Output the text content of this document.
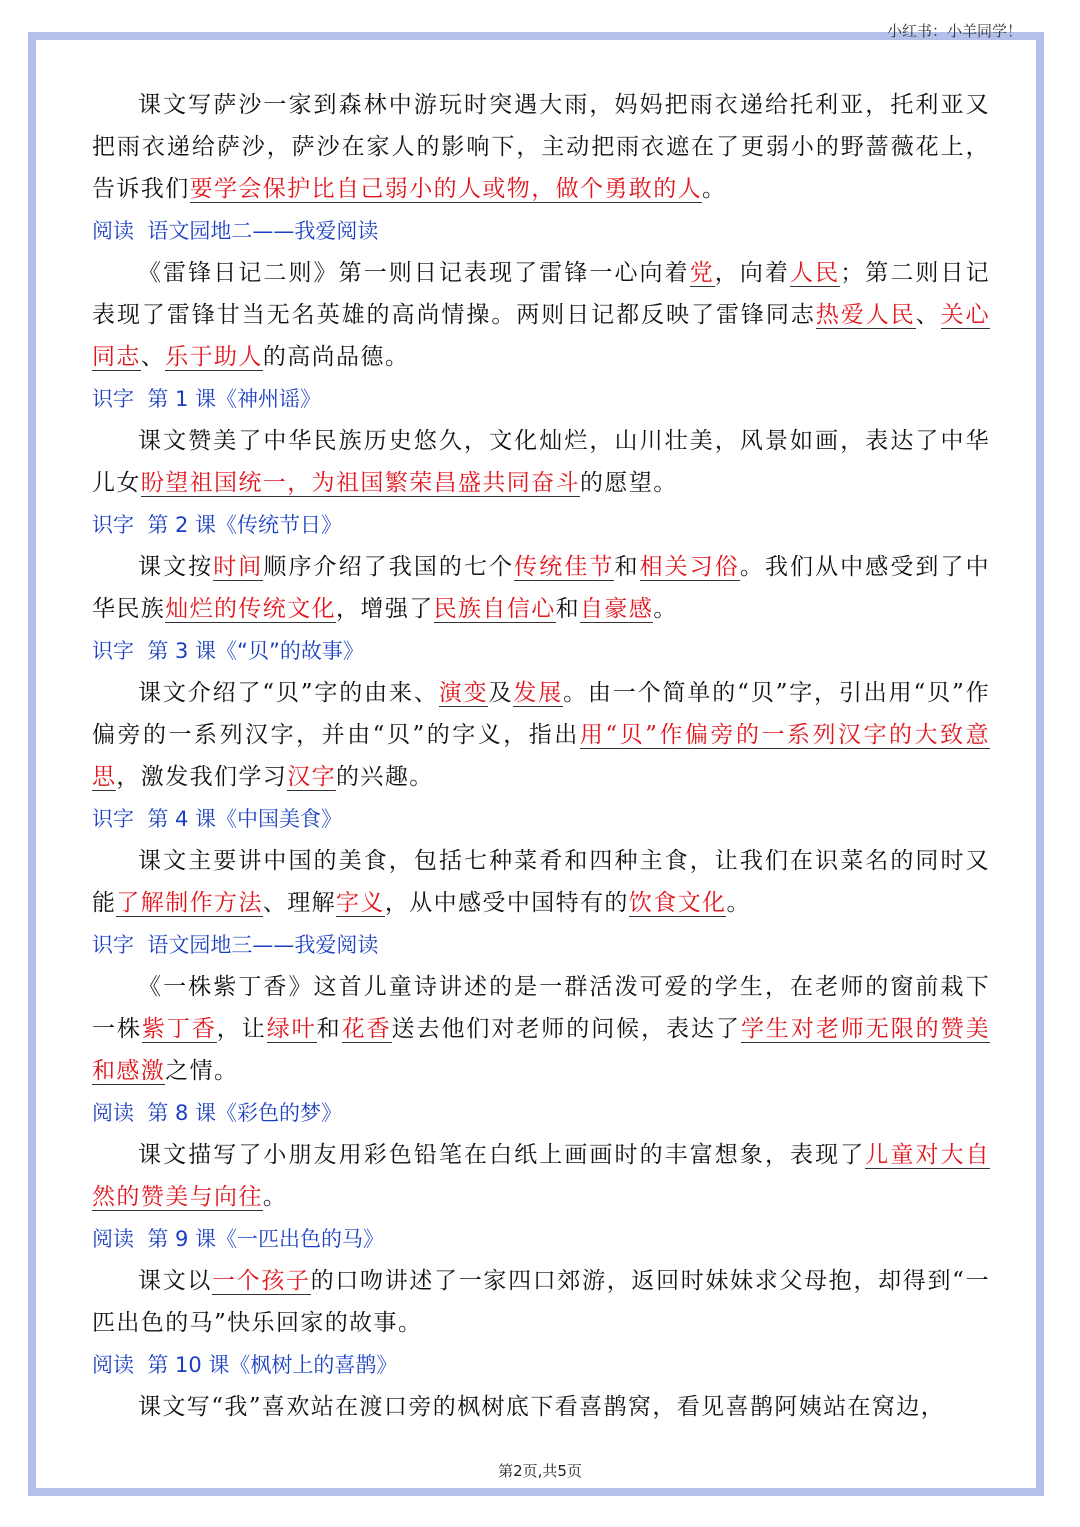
小红书：小羊同学！

课文写萨沙一家到森林中游玩时突遇大雨，妈妈把雨衣递给托利亚，托利亚又把雨衣递给萨沙，萨沙在家人的影响下，主动把雨衣遮在了更弱小的野蔷薇花上，告诉我们要学会保护比自己弱小的人或物，做个勇敢的人。

阅读  语文园地二——我爱阅读

《雷锋日记二则》第一则日记表现了雷锋一心向着党，向着人民；第二则日记表现了雷锋甘当无名英雄的高尚情操。两则日记都反映了雷锋同志热爱人民、关心同志、乐于助人的高尚品德。

识字  第 1 课《神州谣》

课文赞美了中华民族历史悠久，文化灿烂，山川壮美，风景如画，表达了中华儿女盼望祖国统一，为祖国繁荣昌盛共同奋斗的愿望。

识字  第 2 课《传统节日》

课文按时间顺序介绍了我国的七个传统佳节和相关习俗。我们从中感受到了中华民族灿烂的传统文化，增强了民族自信心和自豪感。

识字  第 3 课《“贝”的故事》

课文介绍了“贝”字的由来、演变及发展。由一个简单的“贝”字，引出用“贝”作偏旁的一系列汉字，并由“贝”的字义，指出用“贝”作偏旁的一系列汉字的大致意思，激发我们学习汉字的兴趣。

识字  第 4 课《中国美食》

课文主要讲中国的美食，包括七种菜肴和四种主食，让我们在识菜名的同时又能了解制作方法、理解字义，从中感受中国特有的饮食文化。

识字  语文园地三——我爱阅读

《一株紫丁香》这首儿童诗讲述的是一群活泼可爱的学生，在老师的窗前栽下一株紫丁香，让绿叶和花香送去他们对老师的问候，表达了学生对老师无限的赞美和感激之情。

阅读  第 8 课《彩色的梦》

课文描写了小朋友用彩色铅笔在白纸上画画时的丰富想象，表现了儿童对大自然的赞美与向往。

阅读  第 9 课《一匹出色的马》

课文以一个孩子的口吻讲述了一家四口郊游，返回时妹妹求父母抱，却得到“一匹出色的马”快乐回家的故事。

阅读  第 10 课《枫树上的喜鹊》

课文写“我”喜欢站在渡口旁的枫树底下看喜鹊窝，看见喜鹊阿姨站在窝边，

第2页,共5页
